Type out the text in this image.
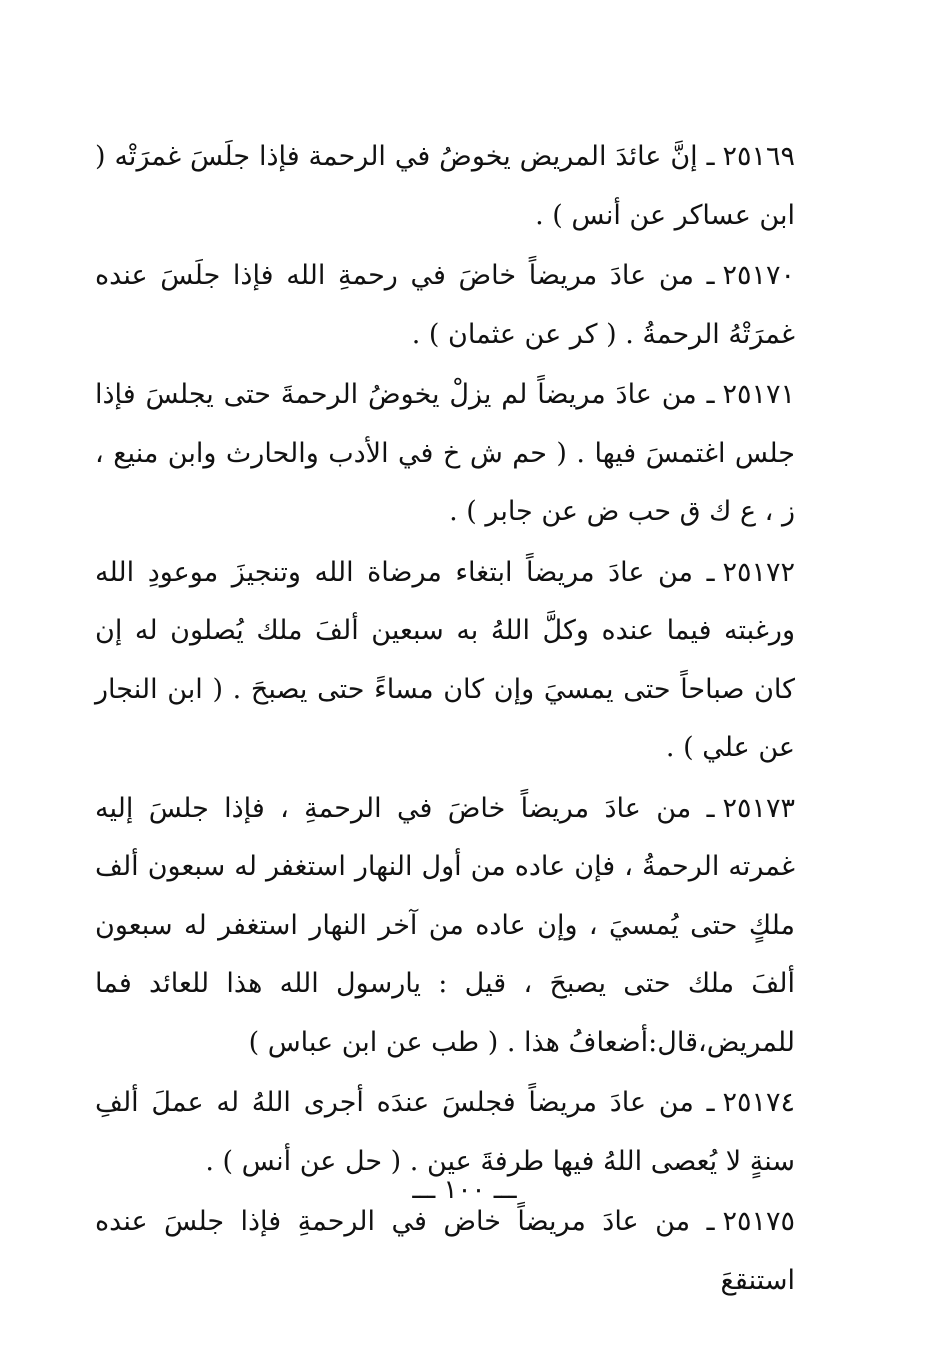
٢٥١٦٩ـ إنَّ عائدَ المريض يخوضُ في الرحمة فإذا جلَسَ غمرَتْه ( ابن عساكر عن أنس ) .

٢٥١٧٠ـ من عادَ مريضاً خاضَ في رحمةِ الله فإذا جلَسَ عنده غمرَتْهُ الرحمةُ . ( كر عن عثمان ) .

٢٥١٧١ـ من عادَ مريضاً لم يزلْ يخوضُ الرحمةَ حتى يجلسَ فإذا جلس اغتمسَ فيها . ( حم ش خ في الأدب والحارث وابن منيع ، ز ، ع ك ق حب ض عن جابر ) .

٢٥١٧٢ـ من عادَ مريضاً ابتغاء مرضاة الله وتنجيزَ موعودِ الله ورغبته فيما عنده وكلَّ اللهُ به سبعين ألفَ ملك يُصلون له إن كان صباحاً حتى يمسيَ وإن كان مساءً حتى يصبحَ . ( ابن النجار عن علي ) .

٢٥١٧٣ـ من عادَ مريضاً خاضَ في الرحمةِ ، فإذا جلسَ إليه غمرته الرحمةُ ، فإن عاده من أول النهار استغفر له سبعون ألف ملكٍ حتى يُمسيَ ، وإن عاده من آخر النهار استغفر له سبعون ألفَ ملك حتى يصبحَ ، قيل : يارسول الله هذا للعائد فما للمريض،قال:أضعافُ هذا . ( طب عن ابن عباس )

٢٥١٧٤ـ من عادَ مريضاً فجلسَ عندَه أجرى اللهُ له عملَ ألفِ سنةٍ لا يُعصى اللهُ فيها طرفةَ عين . ( حل عن أنس ) .

٢٥١٧٥ـ من عادَ مريضاً خاض في الرحمةِ فإذا جلسَ عنده استنقعَ

ـــ ١٠٠ ـــ
